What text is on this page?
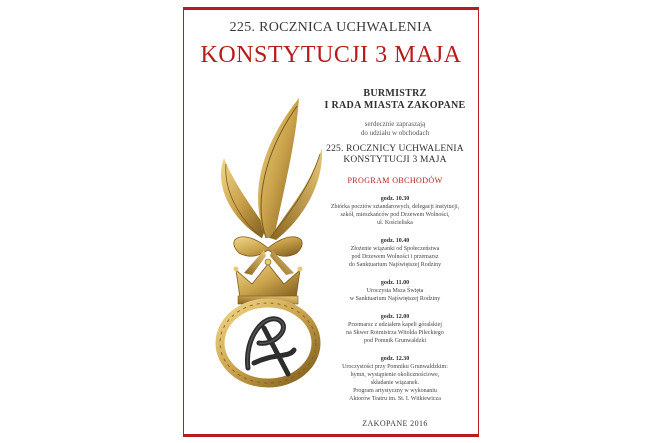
225. ROCZNICA UCHWALENIA
KONSTYTUCJI 3 MAJA
BURMISTRZ
I RADA MIASTA ZAKOPANE
serdecznie zapraszają
do udziału w obchodach
225. ROCZNICY UCHWALENIA
KONSTYTUCJI 3 MAJA
PROGRAM OBCHODÓW
godz. 10.30
Zbiórka pocztów sztandarowych, delegacji instytucji,
szkół, mieszkańców pod Drzewem Wolności,
ul. Kościeliska
godz. 10.40
Złożenie wiązanki od Społeczeństwa
pod Drzewem Wolności i przemarsz
do Sanktuarium Najświętszej Rodziny
godz. 11.00
Uroczysta Msza Święta
w Sanktuarium Najświętszej Rodziny
godz. 12.00
Przemarsz z udziałem kapeli góralskiej
na Skwer Rotmistrza Witolda Pileckiego
pod Pomnik Grunwaldzki
godz. 12.30
Uroczystości przy Pomniku Grunwaldzkim:
hymn, wystąpienie okolicznościowe,
składanie wiązanek.
Program artystyczny w wykonaniu
Aktorów Teatru im. St. I. Witkiewicza
ZAKOPANE 2016
